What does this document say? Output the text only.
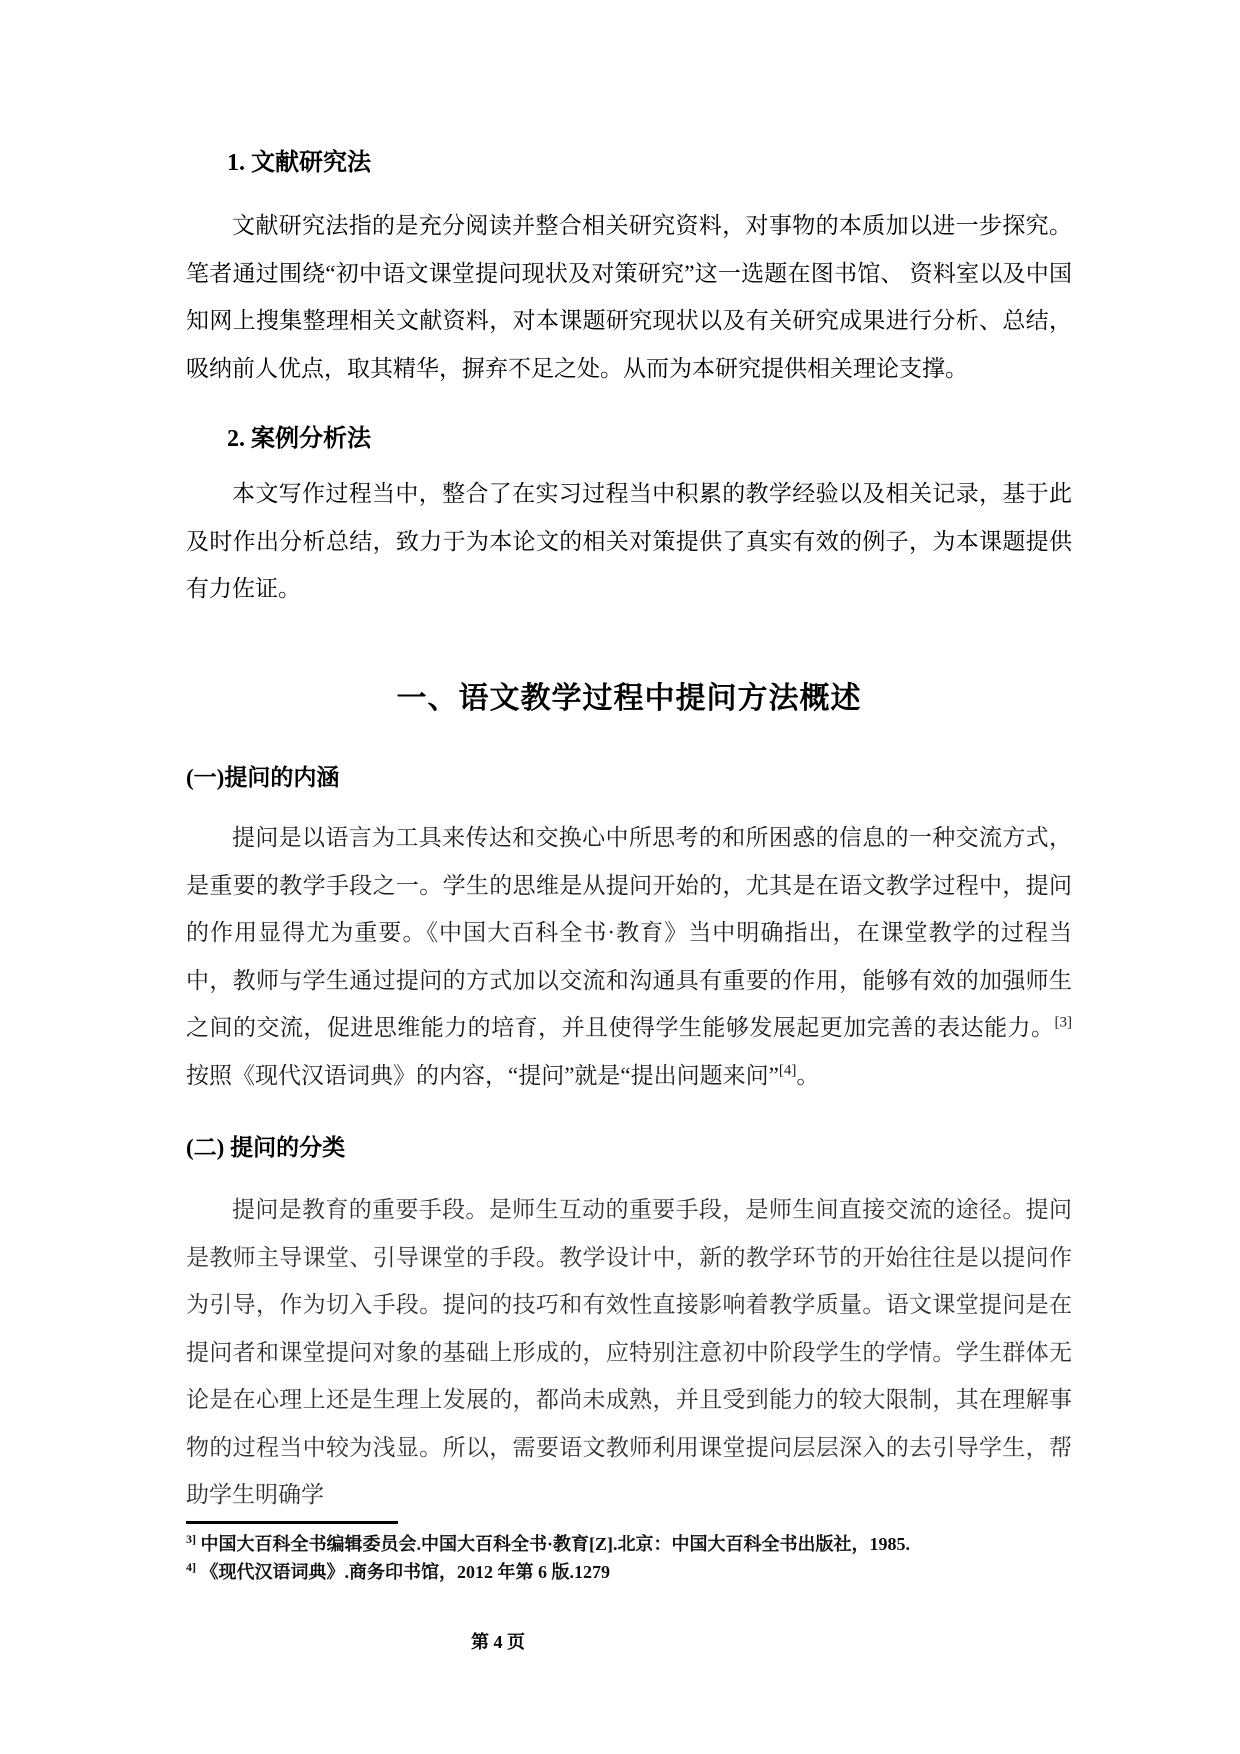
1. 文献研究法

文献研究法指的是充分阅读并整合相关研究资料，对事物的本质加以进一步探究。笔者通过围绕“初中语文课堂提问现状及对策研究”这一选题在图书馆、 资料室以及中国知网上搜集整理相关文献资料，对本课题研究现状以及有关研究成果进行分析、总结，吸纳前人优点，取其精华，摒弃不足之处。从而为本研究提供相关理论支撑。

2. 案例分析法

本文写作过程当中，整合了在实习过程当中积累的教学经验以及相关记录，基于此及时作出分析总结，致力于为本论文的相关对策提供了真实有效的例子，为本课题提供有力佐证。

一、语文教学过程中提问方法概述
(一)提问的内涵

提问是以语言为工具来传达和交换心中所思考的和所困惑的信息的一种交流方式，是重要的教学手段之一。学生的思维是从提问开始的，尤其是在语文教学过程中，提问的作用显得尤为重要。《中国大百科全书·教育》当中明确指出，在课堂教学的过程当中，教师与学生通过提问的方式加以交流和沟通具有重要的作用，能够有效的加强师生之间的交流，促进思维能力的培育，并且使得学生能够发展起更加完善的表达能力。[3]按照《现代汉语词典》的内容，“提问”就是“提出问题来问”[4]。

(二) 提问的分类

提问是教育的重要手段。是师生互动的重要手段，是师生间直接交流的途径。提问是教师主导课堂、引导课堂的手段。教学设计中，新的教学环节的开始往往是以提问作为引导，作为切入手段。提问的技巧和有效性直接影响着教学质量。语文课堂提问是在提问者和课堂提问对象的基础上形成的，应特别注意初中阶段学生的学情。学生群体无论是在心理上还是生理上发展的，都尚未成熟，并且受到能力的较大限制，其在理解事物的过程当中较为浅显。所以，需要语文教师利用课堂提问层层深入的去引导学生，帮助学生明确学

$^{3]}$ 中国大百科全书编辑委员会.中国大百科全书·教育[Z].北京：中国大百科全书出版社，1985.

$^{4]}$ 《现代汉语词典》.商务印书馆，2012 年第 6 版.1279

第 4 页
